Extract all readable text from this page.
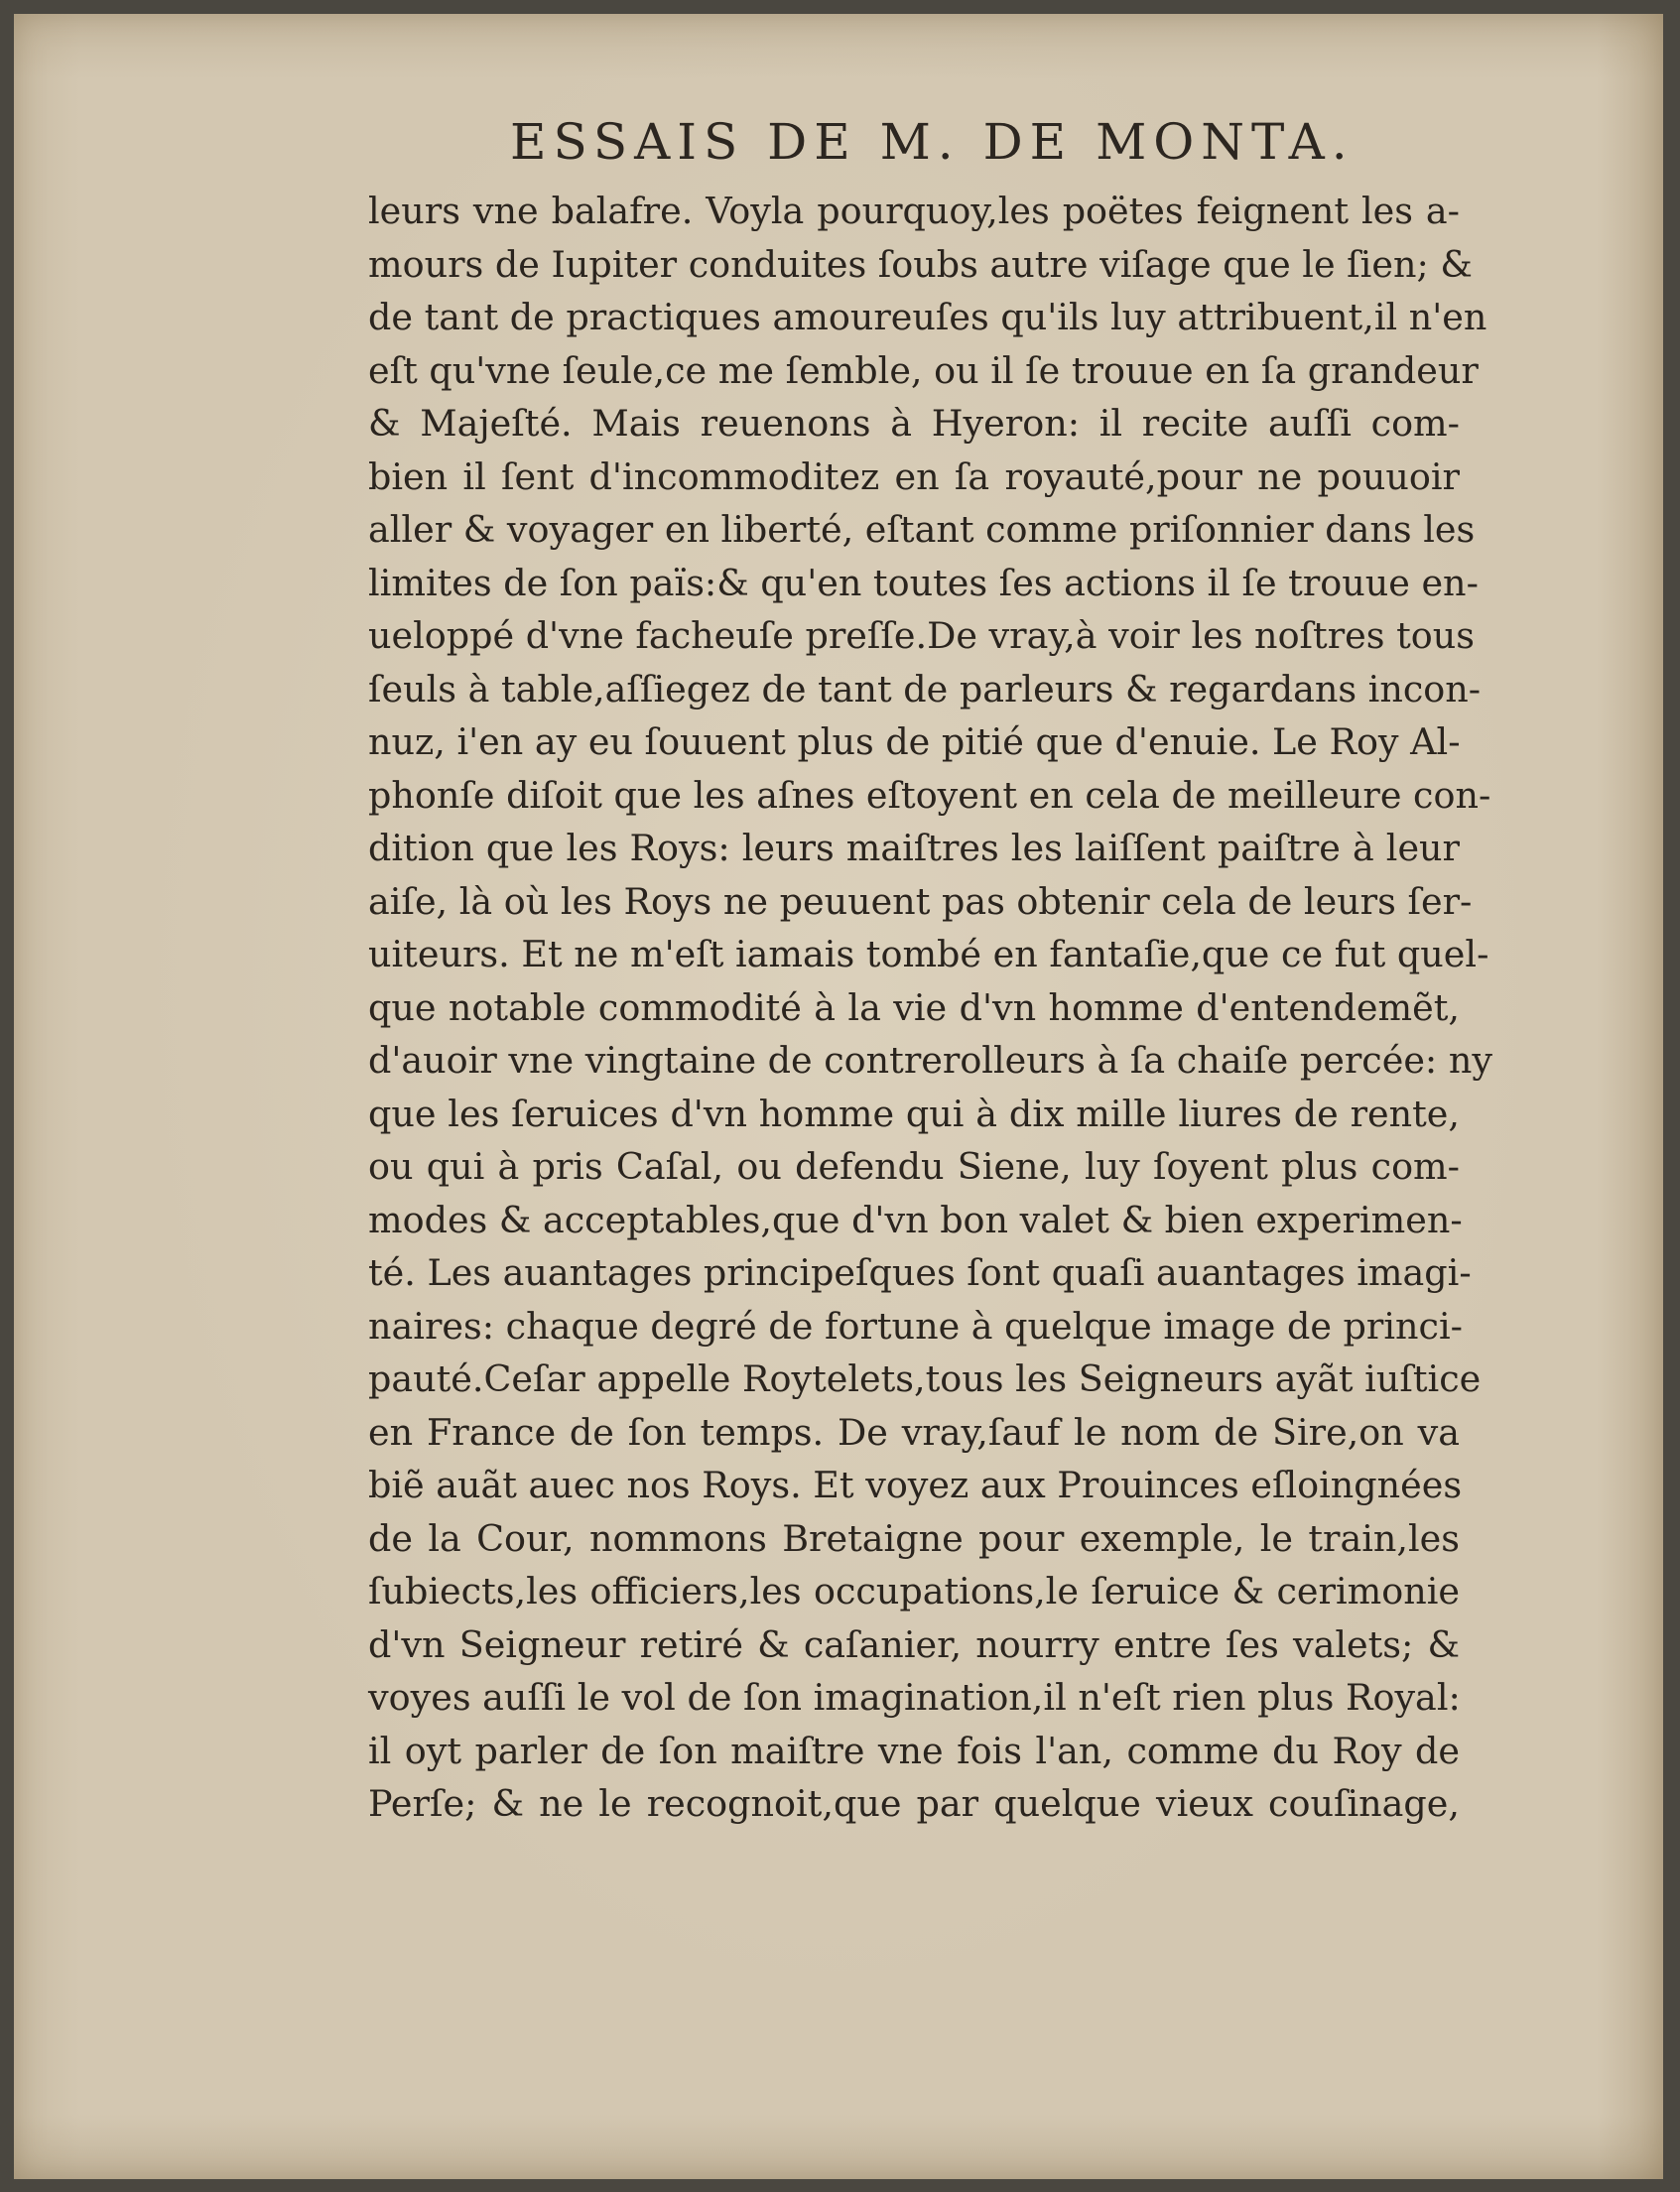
ESSAIS DE M. DE MONTA.
leurs vne balafre. Voyla pourquoy,les poëtes feignent les a-
mours de Iupiter conduites ſoubs autre viſage que le ſien; &
de tant de practiques amoureuſes qu'ils luy attribuent,il n'en
eſt qu'vne ſeule,ce me ſemble, ou il ſe trouue en ſa grandeur
& Majeſté. Mais reuenons à Hyeron: il recite auſſi com-
bien il ſent d'incommoditez en ſa royauté,pour ne pouuoir
aller & voyager en liberté, eſtant comme priſonnier dans les
limites de ſon païs:& qu'en toutes ſes actions il ſe trouue en-
ueloppé d'vne facheuſe preſſe.De vray,à voir les noſtres tous
ſeuls à table,aſſiegez de tant de parleurs & regardans incon-
nuz, i'en ay eu ſouuent plus de pitié que d'enuie. Le Roy Al-
phonſe diſoit que les aſnes eſtoyent en cela de meilleure con-
dition que les Roys: leurs maiſtres les laiſſent paiſtre à leur
aiſe, là où les Roys ne peuuent pas obtenir cela de leurs ſer-
uiteurs. Et ne m'eſt iamais tombé en fantaſie,que ce fut quel-
que notable commodité à la vie d'vn homme d'entendemẽt,
d'auoir vne vingtaine de contrerolleurs à ſa chaiſe percée: ny
que les ſeruices d'vn homme qui à dix mille liures de rente,
ou qui à pris Caſal, ou defendu Siene, luy ſoyent plus com-
modes & acceptables,que d'vn bon valet & bien experimen-
té. Les auantages principeſques ſont quaſi auantages imagi-
naires: chaque degré de fortune à quelque image de princi-
pauté.Ceſar appelle Roytelets,tous les Seigneurs ayãt iuſtice
en France de ſon temps. De vray,ſauf le nom de Sire,on va
biẽ auãt auec nos Roys. Et voyez aux Prouinces eſloingnées
de la Cour, nommons Bretaigne pour exemple, le train,les
ſubiects,les officiers,les occupations,le ſeruice & cerimonie
d'vn Seigneur retiré & caſanier, nourry entre ſes valets; &
voyes auſſi le vol de ſon imagination,il n'eſt rien plus Royal:
il oyt parler de ſon maiſtre vne fois l'an, comme du Roy de
Perſe; & ne le recognoit,que par quelque vieux couſinage,
